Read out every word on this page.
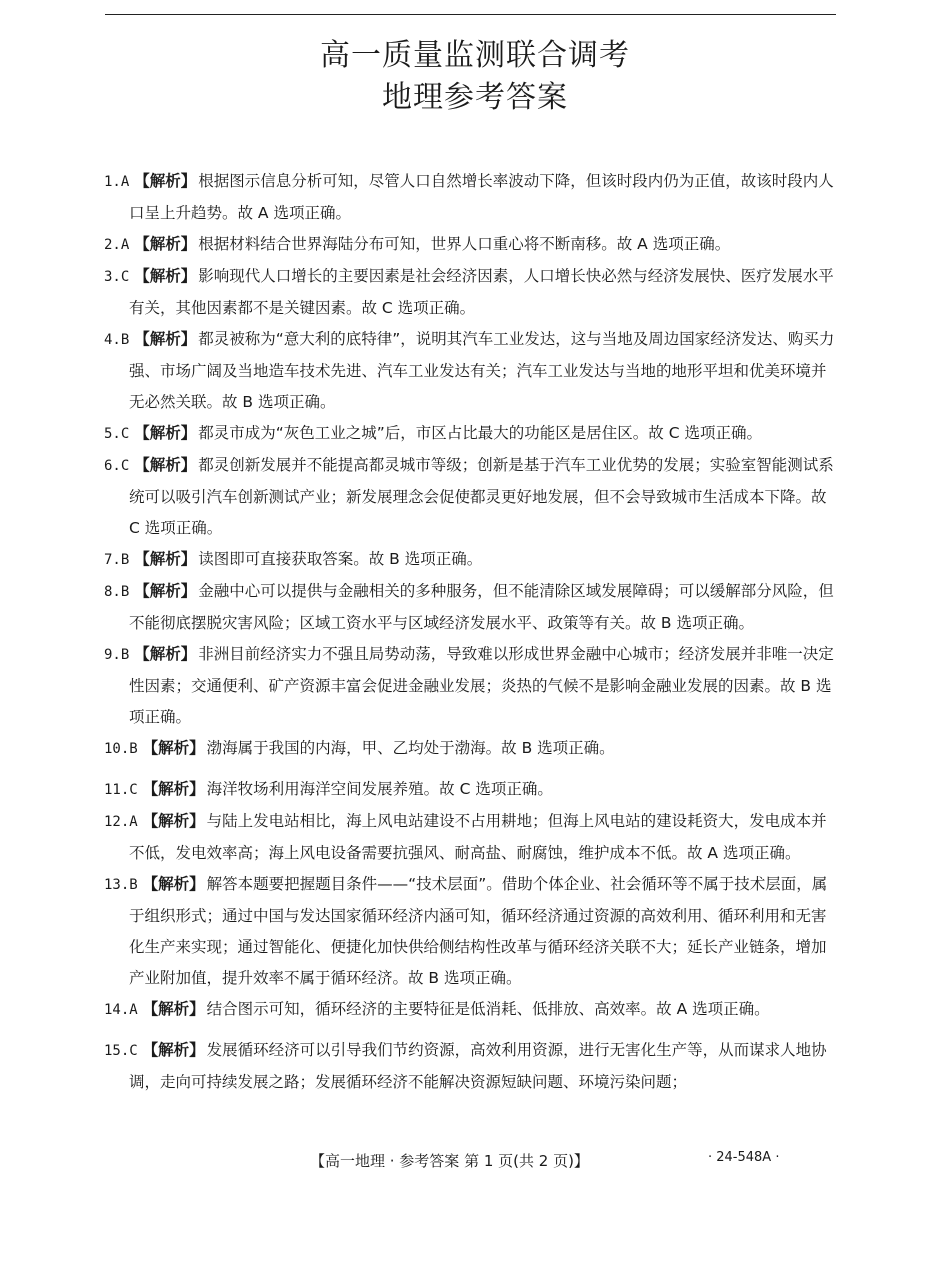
高一质量监测联合调考
地理参考答案
1.A 【解析】 根据图示信息分析可知，尽管人口自然增长率波动下降，但该时段内仍为正值，故该时段内人口呈上升趋势。故 A 选项正确。
2.A 【解析】 根据材料结合世界海陆分布可知，世界人口重心将不断南移。故 A 选项正确。
3.C 【解析】 影响现代人口增长的主要因素是社会经济因素，人口增长快必然与经济发展快、医疗发展水平有关，其他因素都不是关键因素。故 C 选项正确。
4.B 【解析】 都灵被称为“意大利的底特律”，说明其汽车工业发达，这与当地及周边国家经济发达、购买力强、市场广阔及当地造车技术先进、汽车工业发达有关；汽车工业发达与当地的地形平坦和优美环境并无必然关联。故 B 选项正确。
5.C 【解析】 都灵市成为“灰色工业之城”后，市区占比最大的功能区是居住区。故 C 选项正确。
6.C 【解析】 都灵创新发展并不能提高都灵城市等级；创新是基于汽车工业优势的发展；实验室智能测试系统可以吸引汽车创新测试产业；新发展理念会促使都灵更好地发展，但不会导致城市生活成本下降。故 C 选项正确。
7.B 【解析】 读图即可直接获取答案。故 B 选项正确。
8.B 【解析】 金融中心可以提供与金融相关的多种服务，但不能清除区域发展障碍；可以缓解部分风险，但不能彻底摆脱灾害风险；区域工资水平与区域经济发展水平、政策等有关。故 B 选项正确。
9.B 【解析】 非洲目前经济实力不强且局势动荡，导致难以形成世界金融中心城市；经济发展并非唯一决定性因素；交通便利、矿产资源丰富会促进金融业发展；炎热的气候不是影响金融业发展的因素。故 B 选项正确。
10.B 【解析】 渤海属于我国的内海，甲、乙均处于渤海。故 B 选项正确。
11.C 【解析】 海洋牧场利用海洋空间发展养殖。故 C 选项正确。
12.A 【解析】 与陆上发电站相比，海上风电站建设不占用耕地；但海上风电站的建设耗资大，发电成本并不低，发电效率高；海上风电设备需要抗强风、耐高盐、耐腐蚀，维护成本不低。故 A 选项正确。
13.B 【解析】 解答本题要把握题目条件——“技术层面”。借助个体企业、社会循环等不属于技术层面，属于组织形式；通过中国与发达国家循环经济内涵可知，循环经济通过资源的高效利用、循环利用和无害化生产来实现；通过智能化、便捷化加快供给侧结构性改革与循环经济关联不大；延长产业链条，增加产业附加值，提升效率不属于循环经济。故 B 选项正确。
14.A 【解析】 结合图示可知，循环经济的主要特征是低消耗、低排放、高效率。故 A 选项正确。
15.C 【解析】 发展循环经济可以引导我们节约资源，高效利用资源，进行无害化生产等，从而谋求人地协调，走向可持续发展之路；发展循环经济不能解决资源短缺问题、环境污染问题；
【高一地理 · 参考答案 第 1 页(共 2 页)】	· 24-548A ·
